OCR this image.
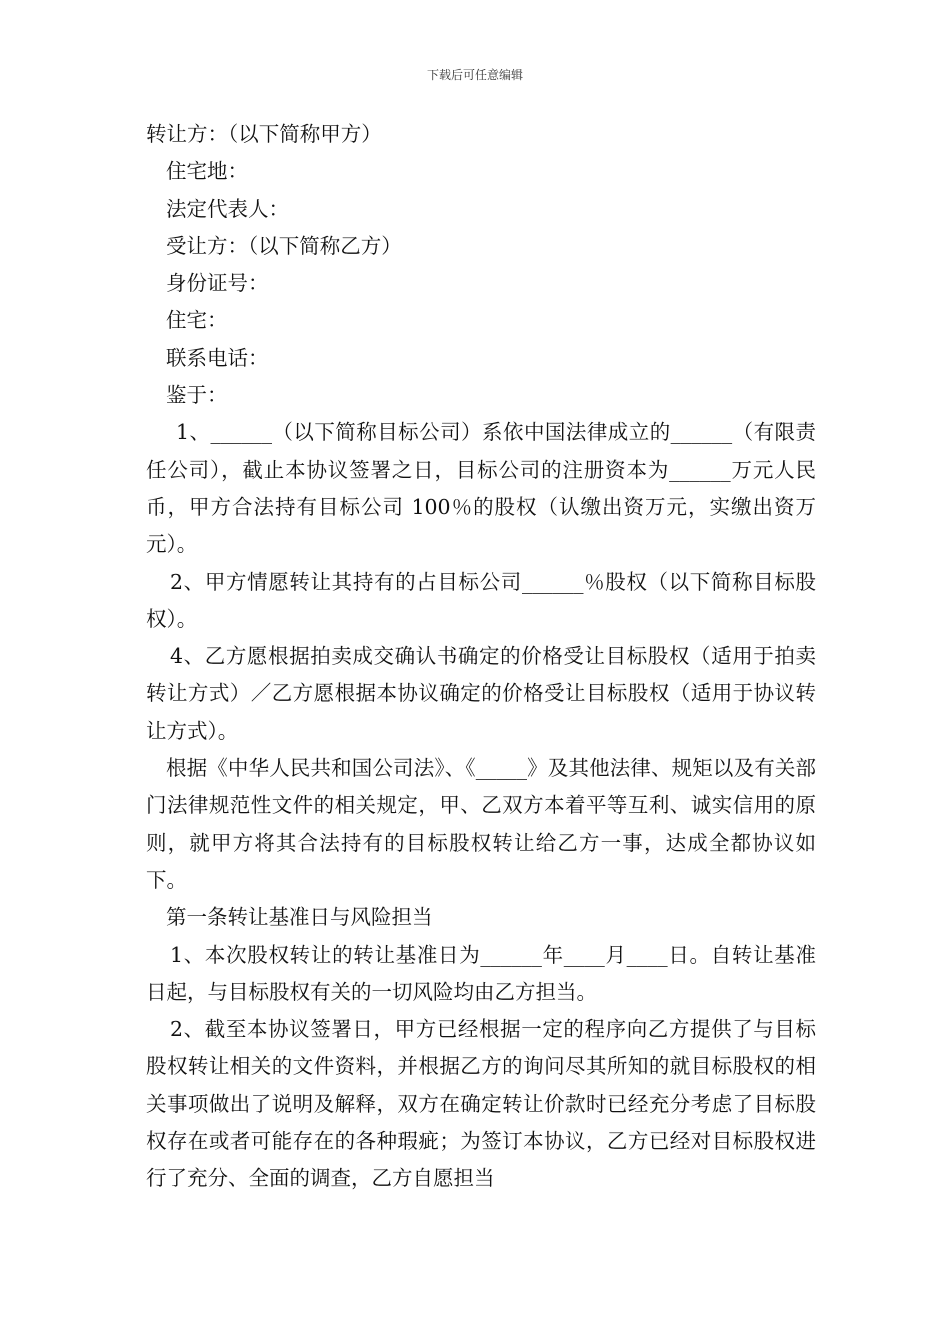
下载后可任意编辑

转让方：（以下简称甲方）

住宅地：

法定代表人：

受让方：（以下简称乙方）

身份证号：

住宅：

联系电话：

鉴于：

1、______（以下简称目标公司）系依中国法律成立的______（有限责任公司），截止本协议签署之日，目标公司的注册资本为______万元人民币，甲方合法持有目标公司 100％的股权（认缴出资万元，实缴出资万元）。

2、甲方情愿转让其持有的占目标公司______％股权（以下简称目标股权）。

4、乙方愿根据拍卖成交确认书确定的价格受让目标股权（适用于拍卖转让方式）／乙方愿根据本协议确定的价格受让目标股权（适用于协议转让方式）。

根据《中华人民共和国公司法》、《_____》及其他法律、规矩以及有关部门法律规范性文件的相关规定，甲、乙双方本着平等互利、诚实信用的原则，就甲方将其合法持有的目标股权转让给乙方一事，达成全都协议如下。

第一条转让基准日与风险担当

1、本次股权转让的转让基准日为______年____月____日。自转让基准日起，与目标股权有关的一切风险均由乙方担当。

2、截至本协议签署日，甲方已经根据一定的程序向乙方提供了与目标股权转让相关的文件资料，并根据乙方的询问尽其所知的就目标股权的相关事项做出了说明及解释，双方在确定转让价款时已经充分考虑了目标股权存在或者可能存在的各种瑕疵；为签订本协议，乙方已经对目标股权进行了充分、全面的调查，乙方自愿担当
